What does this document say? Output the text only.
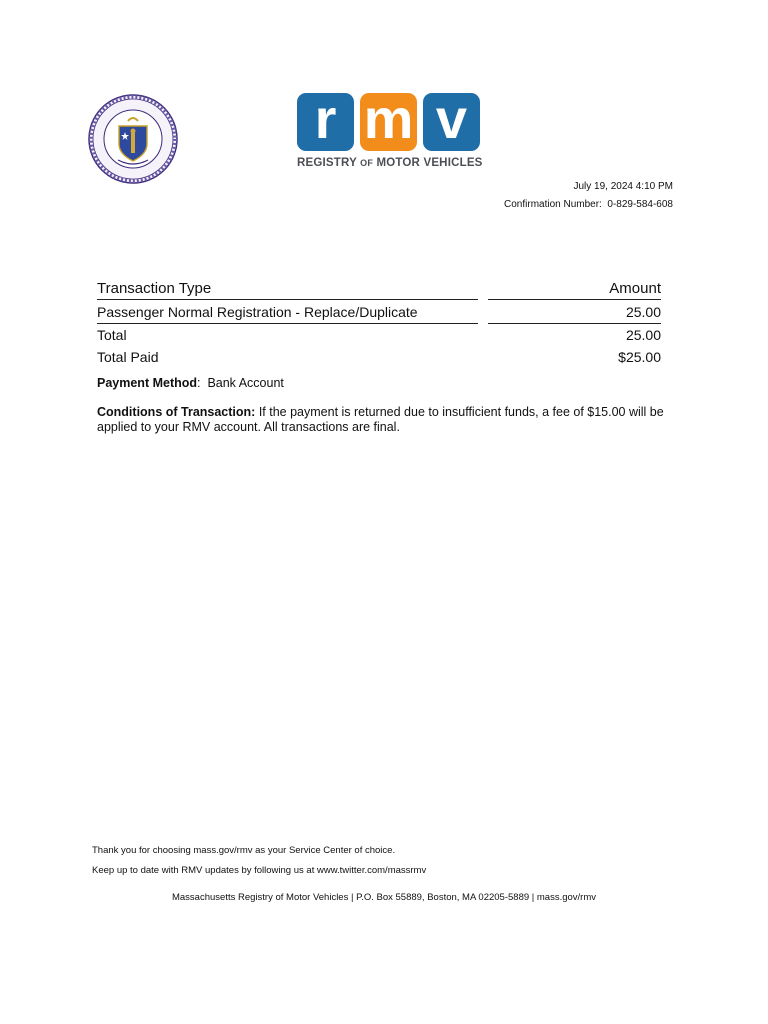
r m v
REGISTRY OF MOTOR VEHICLES
July 19, 2024 4:10 PM
Confirmation Number: 0-829-584-608
Transaction Type	Amount
Passenger Normal Registration - Replace/Duplicate	25.00
Total	25.00
Total Paid	$25.00
Payment Method:  Bank Account
Conditions of Transaction: If the payment is returned due to insufficient funds, a fee of $15.00 will be applied to your RMV account. All transactions are final.
Thank you for choosing mass.gov/rmv as your Service Center of choice.
Keep up to date with RMV updates by following us at www.twitter.com/massrmv
Massachusetts Registry of Motor Vehicles | P.O. Box 55889, Boston, MA 02205-5889 | mass.gov/rmv
